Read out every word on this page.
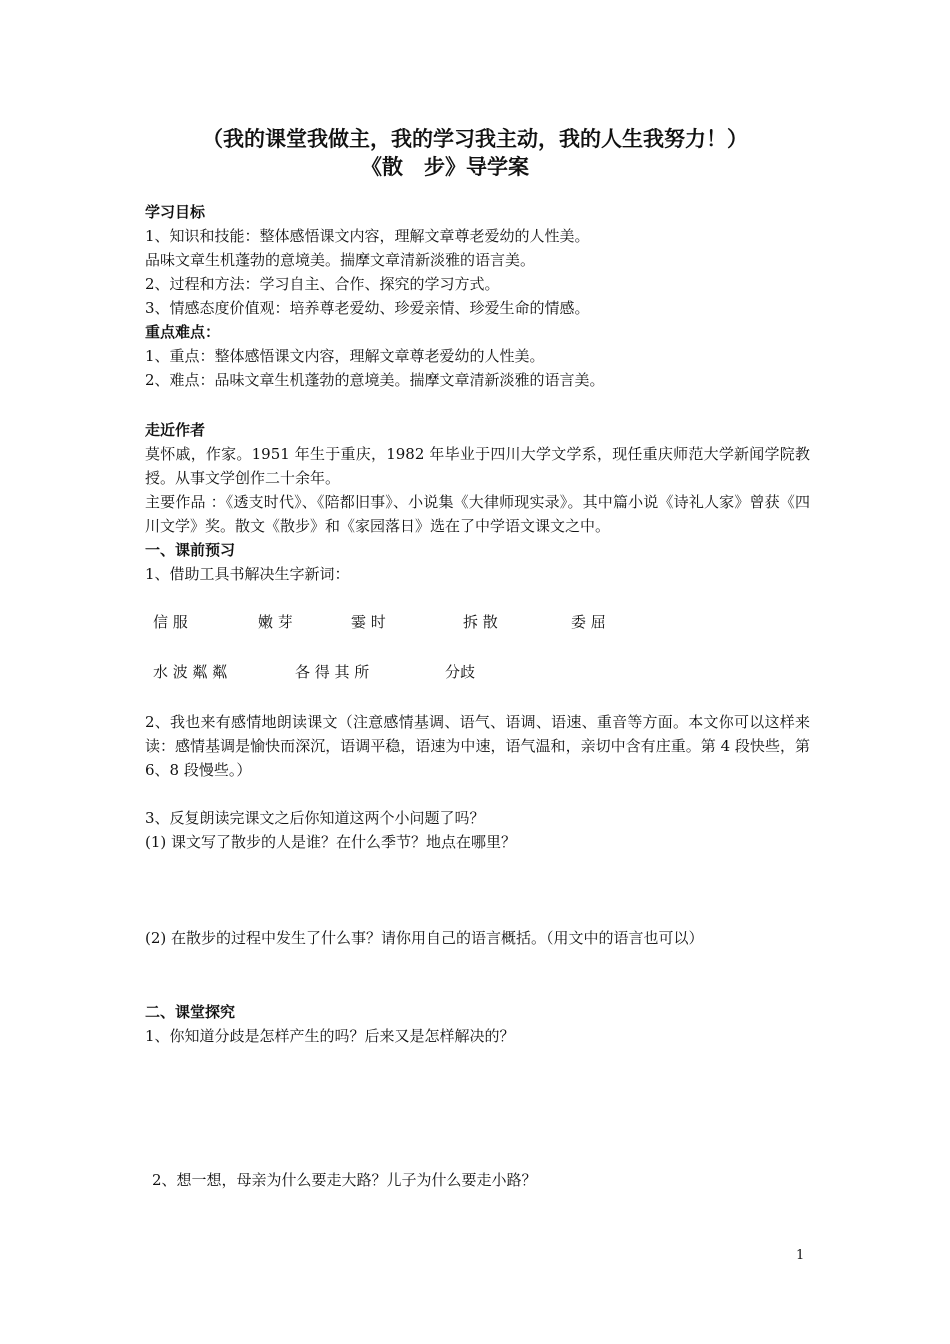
（我的课堂我做主，我的学习我主动，我的人生我努力！）
《散　步》导学案
学习目标
1、知识和技能：整体感悟课文内容，理解文章尊老爱幼的人性美。
品味文章生机蓬勃的意境美。揣摩文章清新淡雅的语言美。
2、过程和方法：学习自主、合作、探究的学习方式。
3、情感态度价值观：培养尊老爱幼、珍爱亲情、珍爱生命的情感。
重点难点：
1、重点：整体感悟课文内容，理解文章尊老爱幼的人性美。
2、难点：品味文章生机蓬勃的意境美。揣摩文章清新淡雅的语言美。
走近作者
莫怀戚，作家。1951 年生于重庆，1982 年毕业于四川大学文学系，现任重庆师范大学新闻学院教授。从事文学创作二十余年。
主要作品 ：《透支时代》、《陪都旧事》、小说集《大律师现实录》。其中篇小说《诗礼人家》曾获《四川文学》奖。散文《散步》和《家园落日》选在了中学语文课文之中。
一、课前预习
1、借助工具书解决生字新词：
信 服	嫩 芽	霎 时	拆 散	委 屈
水 波 粼 粼	各 得 其 所	分歧
2、我也来有感情地朗读课文（注意感情基调、语气、语调、语速、重音等方面。本文你可以这样来读：感情基调是愉快而深沉，语调平稳，语速为中速，语气温和，亲切中含有庄重。第 4 段快些，第 6、8 段慢些。）
3、反复朗读完课文之后你知道这两个小问题了吗？
(1) 课文写了散步的人是谁？在什么季节？地点在哪里？
(2) 在散步的过程中发生了什么事？请你用自己的语言概括。（用文中的语言也可以）
二、课堂探究
1、你知道分歧是怎样产生的吗？后来又是怎样解决的？
2、想一想，母亲为什么要走大路？儿子为什么要走小路？
1
